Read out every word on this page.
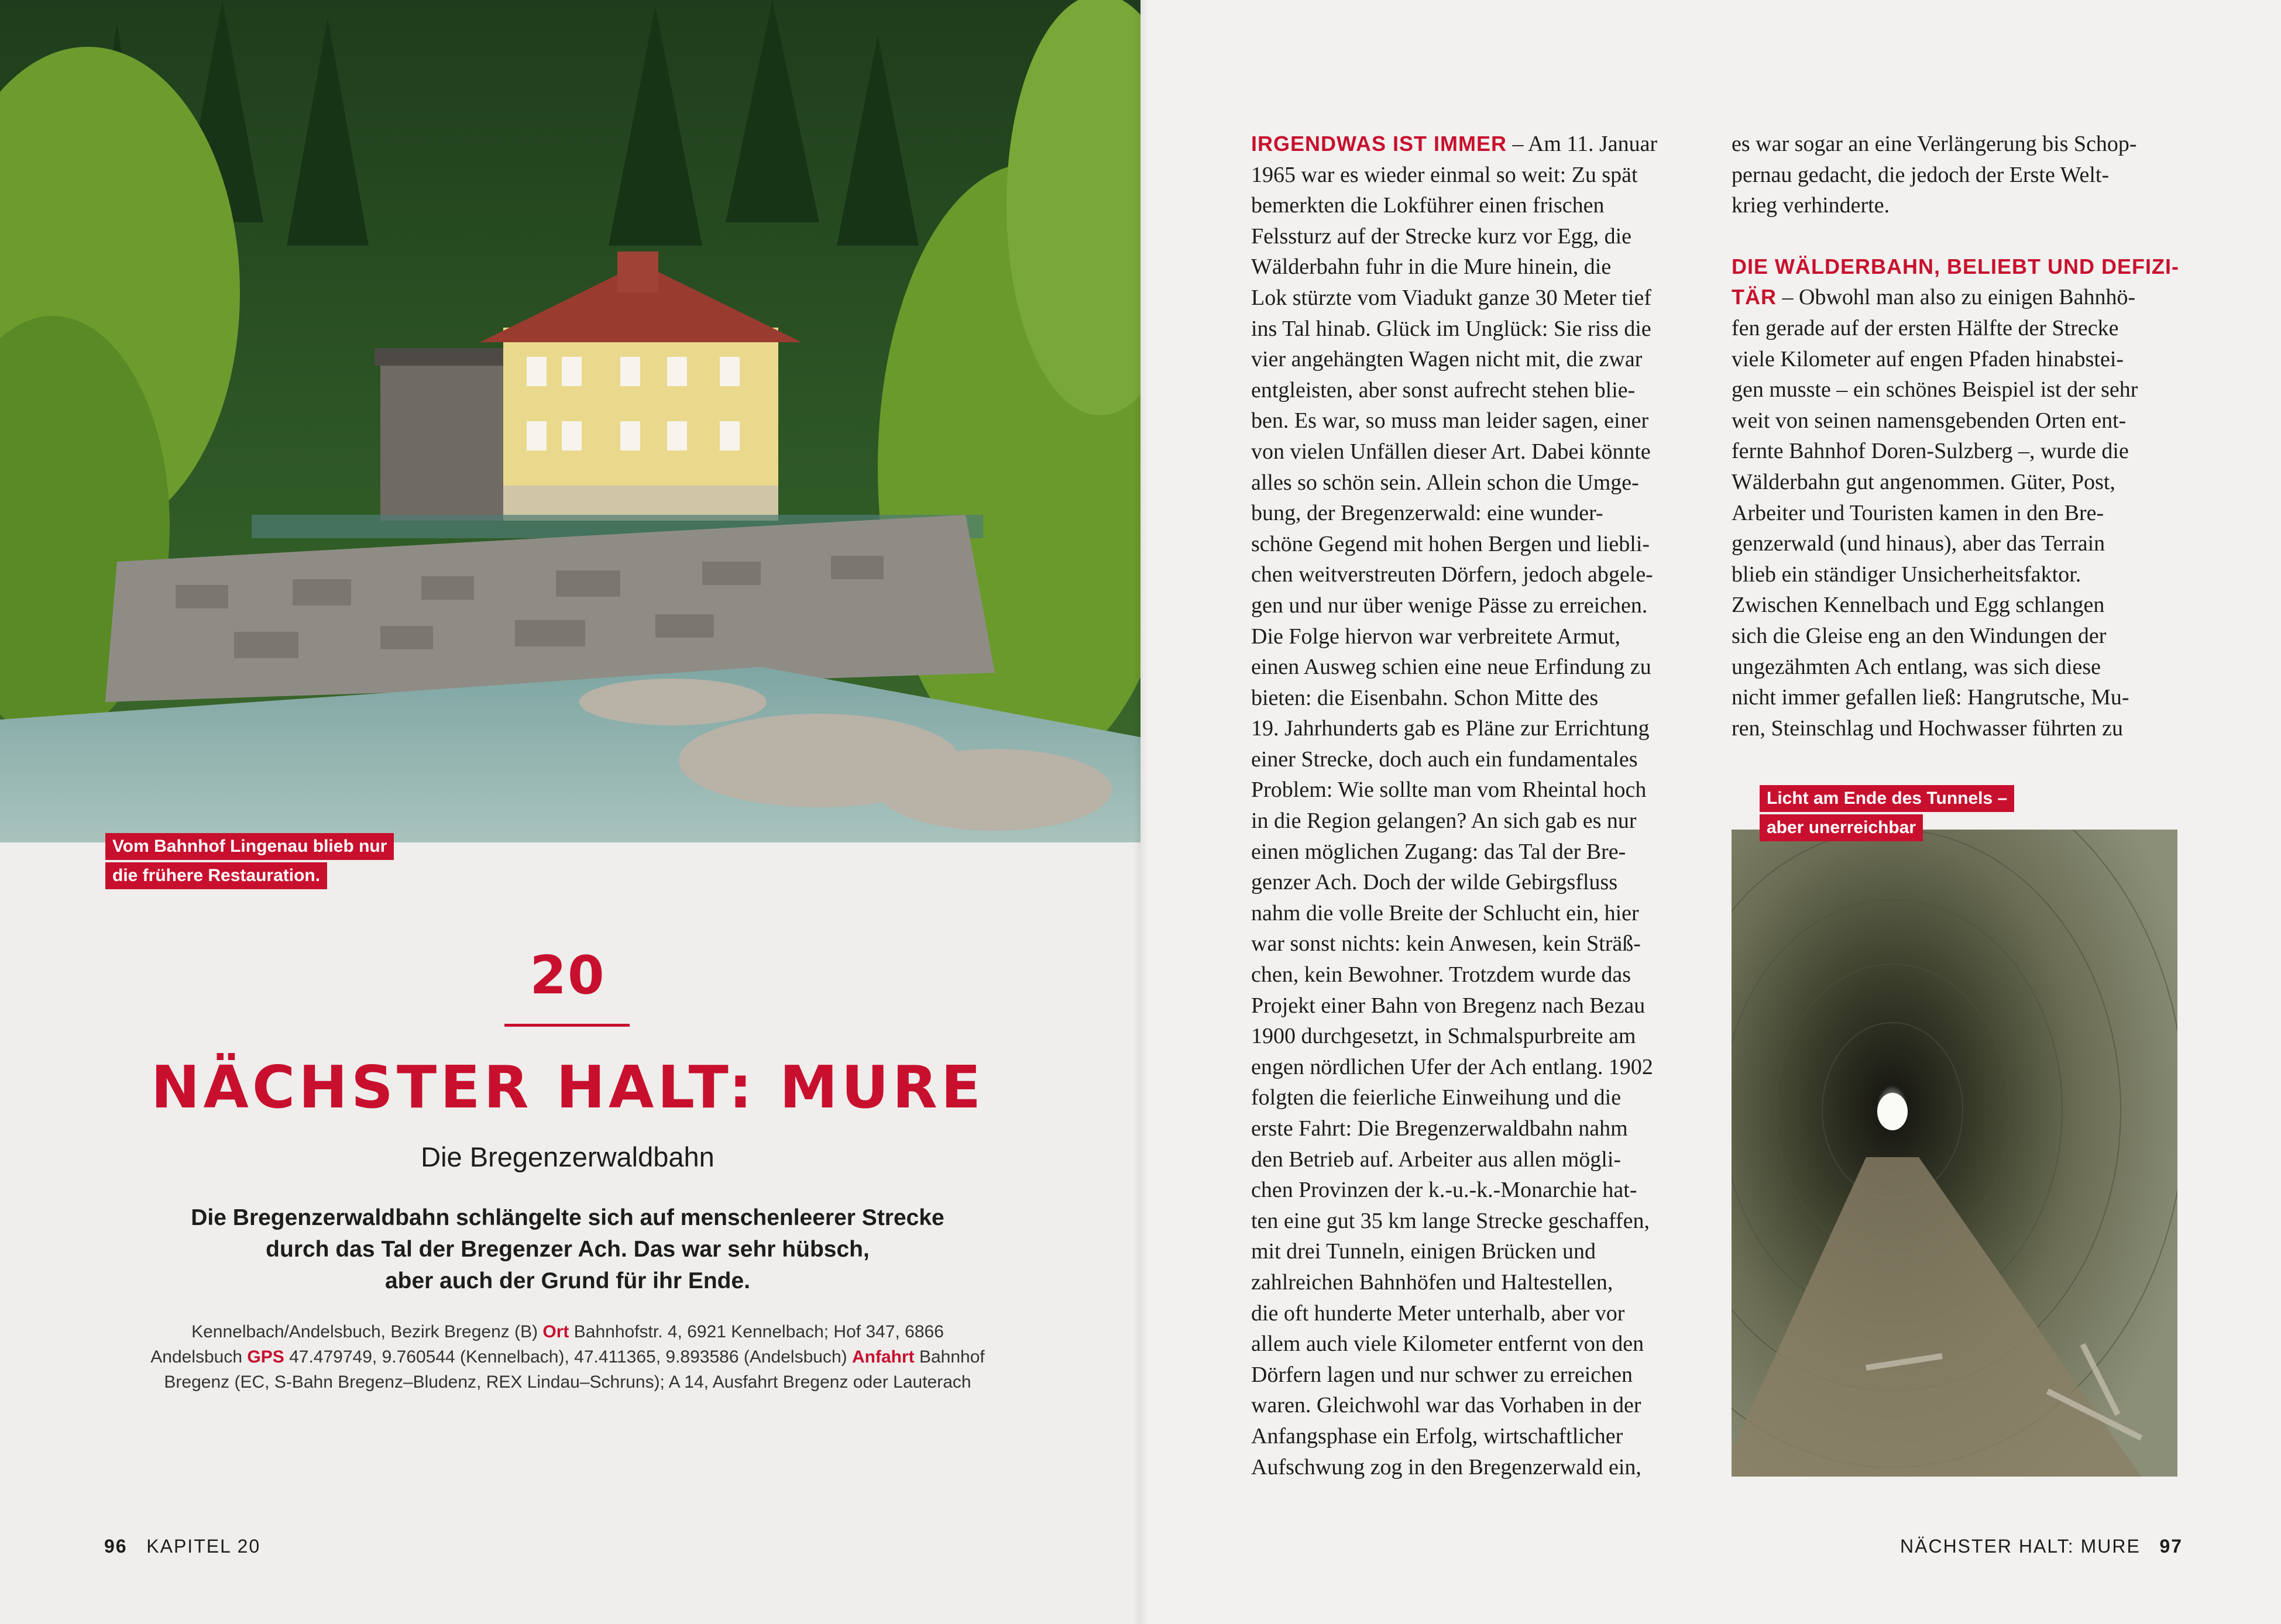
Vom Bahnhof Lingenau blieb nur
die frühere Restauration.
20
NÄCHSTER HALT: MURE
Die Bregenzerwaldbahn
Die Bregenzerwaldbahn schlängelte sich auf menschenleerer Strecke
durch das Tal der Bregenzer Ach. Das war sehr hübsch,
aber auch der Grund für ihr Ende.
Kennelbach/Andelsbuch, Bezirk Bregenz (B) Ort Bahnhofstr. 4, 6921 Kennelbach; Hof 347, 6866 Andelsbuch GPS 47.479749, 9.760544 (Kennelbach), 47.411365, 9.893586 (Andelsbuch) Anfahrt Bahnhof Bregenz (EC, S-Bahn Bregenz–Bludenz, REX Lindau–Schruns); A 14, Ausfahrt Bregenz oder Lauterach
96 KAPITEL 20

IRGENDWAS IST IMMER – Am 11. Januar
1965 war es wieder einmal so weit: Zu spät
bemerkten die Lokführer einen frischen
Felssturz auf der Strecke kurz vor Egg, die
Wälderbahn fuhr in die Mure hinein, die
Lok stürzte vom Viadukt ganze 30 Meter tief
ins Tal hinab. Glück im Unglück: Sie riss die
vier angehängten Wagen nicht mit, die zwar
entgleisten, aber sonst aufrecht stehen blie-
ben. Es war, so muss man leider sagen, einer
von vielen Unfällen dieser Art. Dabei könnte
alles so schön sein. Allein schon die Umge-
bung, der Bregenzerwald: eine wunder-
schöne Gegend mit hohen Bergen und liebli-
chen weitverstreuten Dörfern, jedoch abgele-
gen und nur über wenige Pässe zu erreichen.
Die Folge hiervon war verbreitete Armut,
einen Ausweg schien eine neue Erfindung zu
bieten: die Eisenbahn. Schon Mitte des
19. Jahrhunderts gab es Pläne zur Errichtung
einer Strecke, doch auch ein fundamentales
Problem: Wie sollte man vom Rheintal hoch
in die Region gelangen? An sich gab es nur
einen möglichen Zugang: das Tal der Bre-
genzer Ach. Doch der wilde Gebirgsfluss
nahm die volle Breite der Schlucht ein, hier
war sonst nichts: kein Anwesen, kein Sträß-
chen, kein Bewohner. Trotzdem wurde das
Projekt einer Bahn von Bregenz nach Bezau
1900 durchgesetzt, in Schmalspurbreite am
engen nördlichen Ufer der Ach entlang. 1902
folgten die feierliche Einweihung und die
erste Fahrt: Die Bregenzerwaldbahn nahm
den Betrieb auf. Arbeiter aus allen mögli-
chen Provinzen der k.-u.-k.-Monarchie hat-
ten eine gut 35 km lange Strecke geschaffen,
mit drei Tunneln, einigen Brücken und
zahlreichen Bahnhöfen und Haltestellen,
die oft hunderte Meter unterhalb, aber vor
allem auch viele Kilometer entfernt von den
Dörfern lagen und nur schwer zu erreichen
waren. Gleichwohl war das Vorhaben in der
Anfangsphase ein Erfolg, wirtschaftlicher
Aufschwung zog in den Bregenzerwald ein,

es war sogar an eine Verlängerung bis Schop-
pernau gedacht, die jedoch der Erste Welt-
krieg verhinderte.

DIE WÄLDERBAHN, BELIEBT UND DEFIZI-
TÄR – Obwohl man also zu einigen Bahnhö-
fen gerade auf der ersten Hälfte der Strecke
viele Kilometer auf engen Pfaden hinabstei-
gen musste – ein schönes Beispiel ist der sehr
weit von seinen namensgebenden Orten ent-
fernte Bahnhof Doren-Sulzberg –, wurde die
Wälderbahn gut angenommen. Güter, Post,
Arbeiter und Touristen kamen in den Bre-
genzerwald (und hinaus), aber das Terrain
blieb ein ständiger Unsicherheitsfaktor.
Zwischen Kennelbach und Egg schlangen
sich die Gleise eng an den Windungen der
ungezähmten Ach entlang, was sich diese
nicht immer gefallen ließ: Hangrutsche, Mu-
ren, Steinschlag und Hochwasser führten zu

Licht am Ende des Tunnels –
aber unerreichbar
NÄCHSTER HALT: MURE 97
